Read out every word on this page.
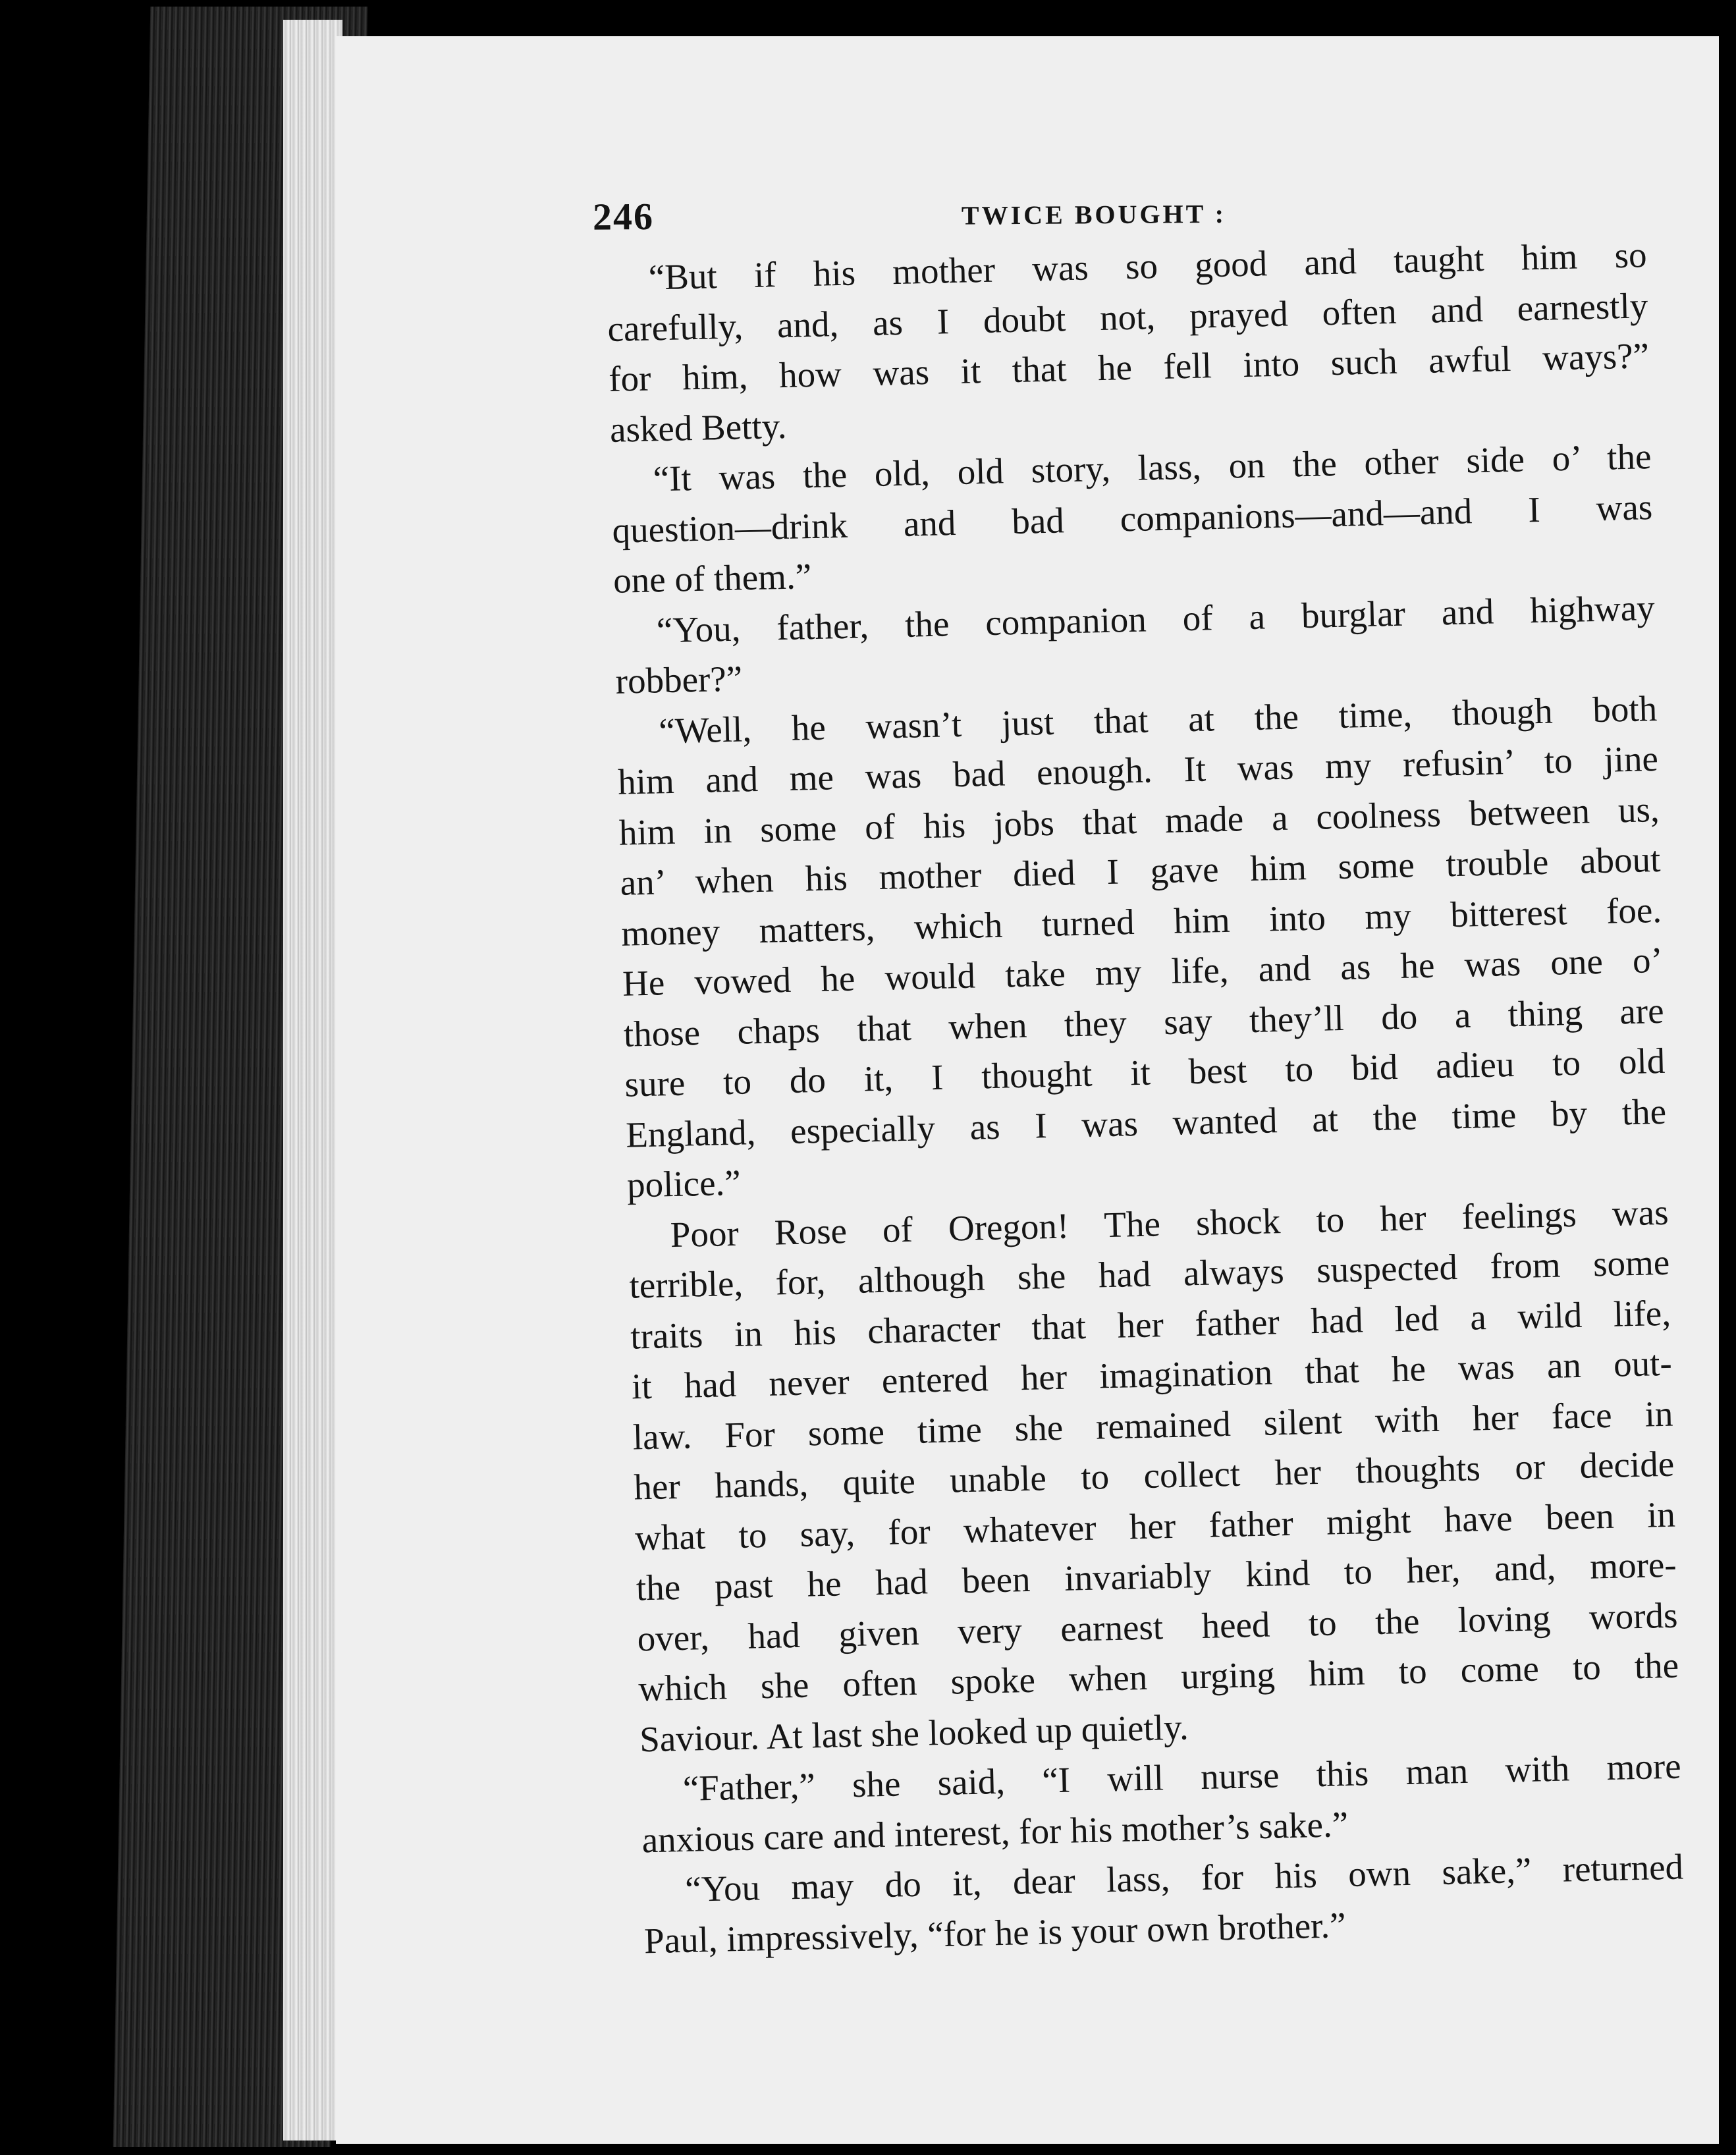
246	TWICE BOUGHT :
“But if his mother was so good and taught him so
carefully, and, as I doubt not, prayed often and earnestly
for him, how was it that he fell into such awful ways?”
asked Betty.
“It was the old, old story, lass, on the other side o’ the
question—drink and bad companions—and—and I was
one of them.”
“You, father, the companion of a burglar and highway
robber?”
“Well, he wasn’t just that at the time, though both
him and me was bad enough. It was my refusin’ to jine
him in some of his jobs that made a coolness between us,
an’ when his mother died I gave him some trouble about
money matters, which turned him into my bitterest foe.
He vowed he would take my life, and as he was one o’
those chaps that when they say they’ll do a thing are
sure to do it, I thought it best to bid adieu to old
England, especially as I was wanted at the time by the
police.”
Poor Rose of Oregon! The shock to her feelings was
terrible, for, although she had always suspected from some
traits in his character that her father had led a wild life,
it had never entered her imagination that he was an out-
law. For some time she remained silent with her face in
her hands, quite unable to collect her thoughts or decide
what to say, for whatever her father might have been in
the past he had been invariably kind to her, and, more-
over, had given very earnest heed to the loving words
which she often spoke when urging him to come to the
Saviour. At last she looked up quietly.
“Father,” she said, “I will nurse this man with more
anxious care and interest, for his mother’s sake.”
“You may do it, dear lass, for his own sake,” returned
Paul, impressively, “for he is your own brother.”
